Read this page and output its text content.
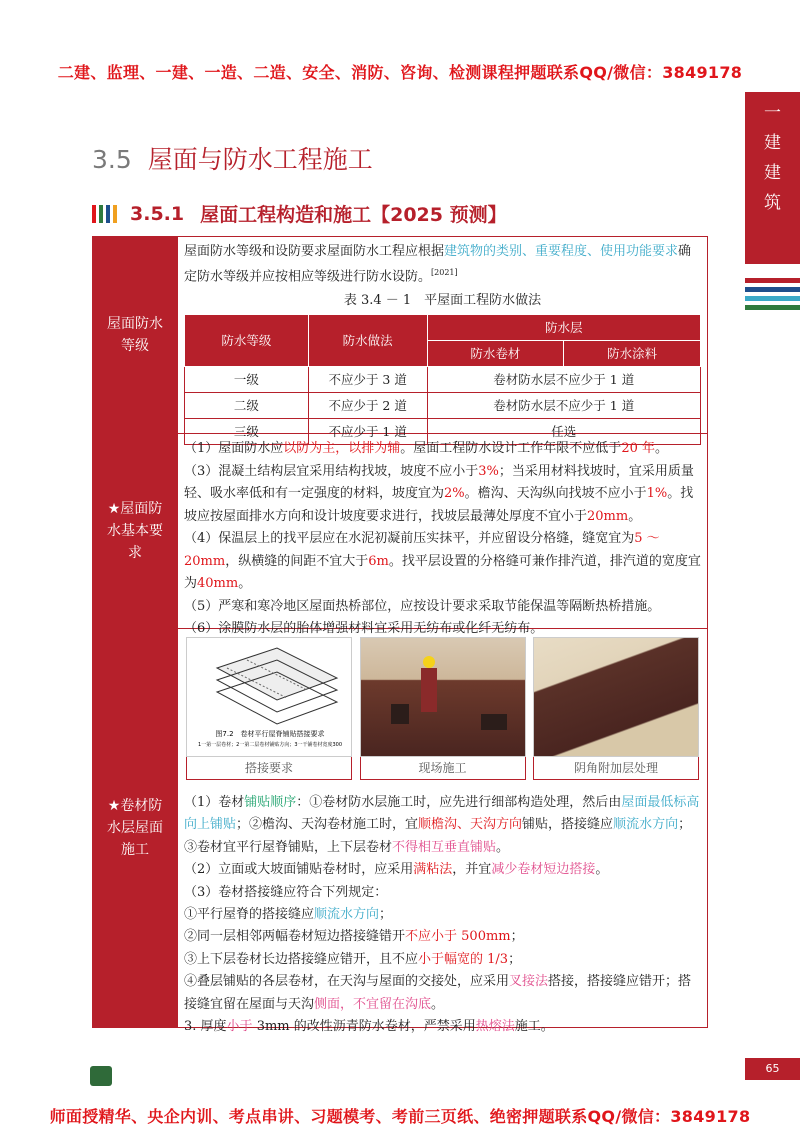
二建、监理、一建、一造、二造、安全、消防、咨询、检测课程押题联系QQ/微信：3849178
一
建
建
筑
3.5 屋面与防水工程施工
3.5.1 屋面工程构造和施工【2025 预测】
屋面防水等级
屋面防水等级和设防要求屋面防水工程应根据建筑物的类别、重要程度、使用功能要求确定防水等级并应按相应等级进行防水设防。[2021]
表 3.4 － 1　平屋面工程防水做法
防水等级	防水做法	防水层	
		防水卷材	防水涂料
一级	不应少于 3 道	卷材防水层不应少于 1 道	
二级	不应少于 2 道	卷材防水层不应少于 1 道	
三级	不应少于 1 道	任选	
★屋面防水基本要求
（1）屋面防水应以防为主，以排为辅。屋面工程防水设计工作年限不应低于20 年。
（3）混凝土结构层宜采用结构找坡，坡度不应小于3%；当采用材料找坡时，宜采用质量轻、吸水率低和有一定强度的材料，坡度宜为2%。檐沟、天沟纵向找坡不应小于1%。找坡应按屋面排水方向和设计坡度要求进行，找坡层最薄处厚度不宜小于20mm。
（4）保温层上的找平层应在水泥初凝前压实抹平，并应留设分格缝，缝宽宜为5 ～ 20mm，纵横缝的间距不宜大于6m。找平层设置的分格缝可兼作排汽道，排汽道的宽度宜为40mm。
（5）严寒和寒冷地区屋面热桥部位，应按设计要求采取节能保温等隔断热桥措施。
（6）涂膜防水层的胎体增强材料宜采用无纺布或化纤无纺布。
★卷材防水层屋面施工
图7.2　卷材平行屋脊铺贴搭接要求
1一第一层卷材；2一第二层卷材铺贴方向；3一干铺卷材宽度300
搭接要求	现场施工	阴角附加层处理
（1）卷材铺贴顺序：①卷材防水层施工时，应先进行细部构造处理，然后由屋面最低标高向上铺贴；②檐沟、天沟卷材施工时，宜顺檐沟、天沟方向铺贴，搭接缝应顺流水方向；③卷材宜平行屋脊铺贴，上下层卷材不得相互垂直铺贴。
（2）立面或大坡面铺贴卷材时，应采用满粘法，并宜减少卷材短边搭接。
（3）卷材搭接缝应符合下列规定：
①平行屋脊的搭接缝应顺流水方向；
②同一层相邻两幅卷材短边搭接缝错开不应小于 500mm；
③上下层卷材长边搭接缝应错开，且不应小于幅宽的 1/3；
④叠层铺贴的各层卷材，在天沟与屋面的交接处，应采用叉接法搭接，搭接缝应错开；搭接缝宜留在屋面与天沟侧面，不宜留在沟底。
3. 厚度小于 3mm 的改性沥青防水卷材，严禁采用热熔法施工。
65
师面授精华、央企内训、考点串讲、习题模考、考前三页纸、绝密押题联系QQ/微信：3849178
